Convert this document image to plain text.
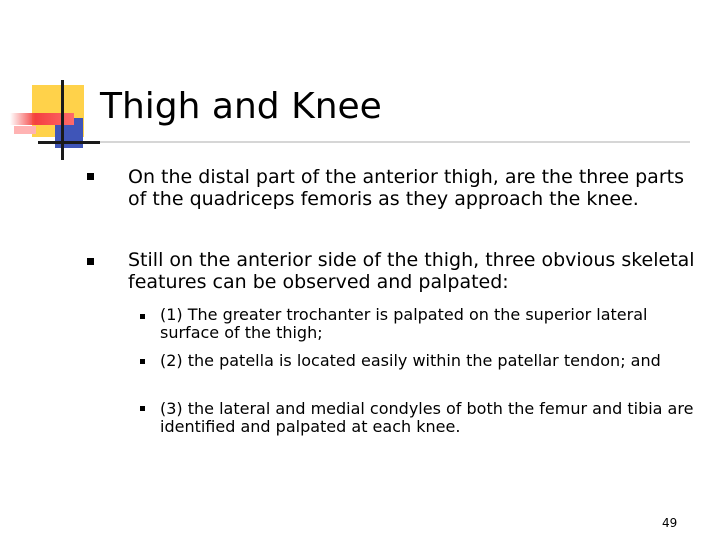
Thigh and Knee
On the distal part of the anterior thigh, are the three parts of the quadriceps femoris as they approach the knee.
Still on the anterior side of the thigh, three obvious skeletal features can be observed and palpated:
(1) The greater trochanter is palpated on the superior lateral surface of the thigh;
(2) the patella is located easily within the patellar tendon; and
(3) the lateral and medial condyles of both the femur and tibia are identified and palpated at each knee.
49
